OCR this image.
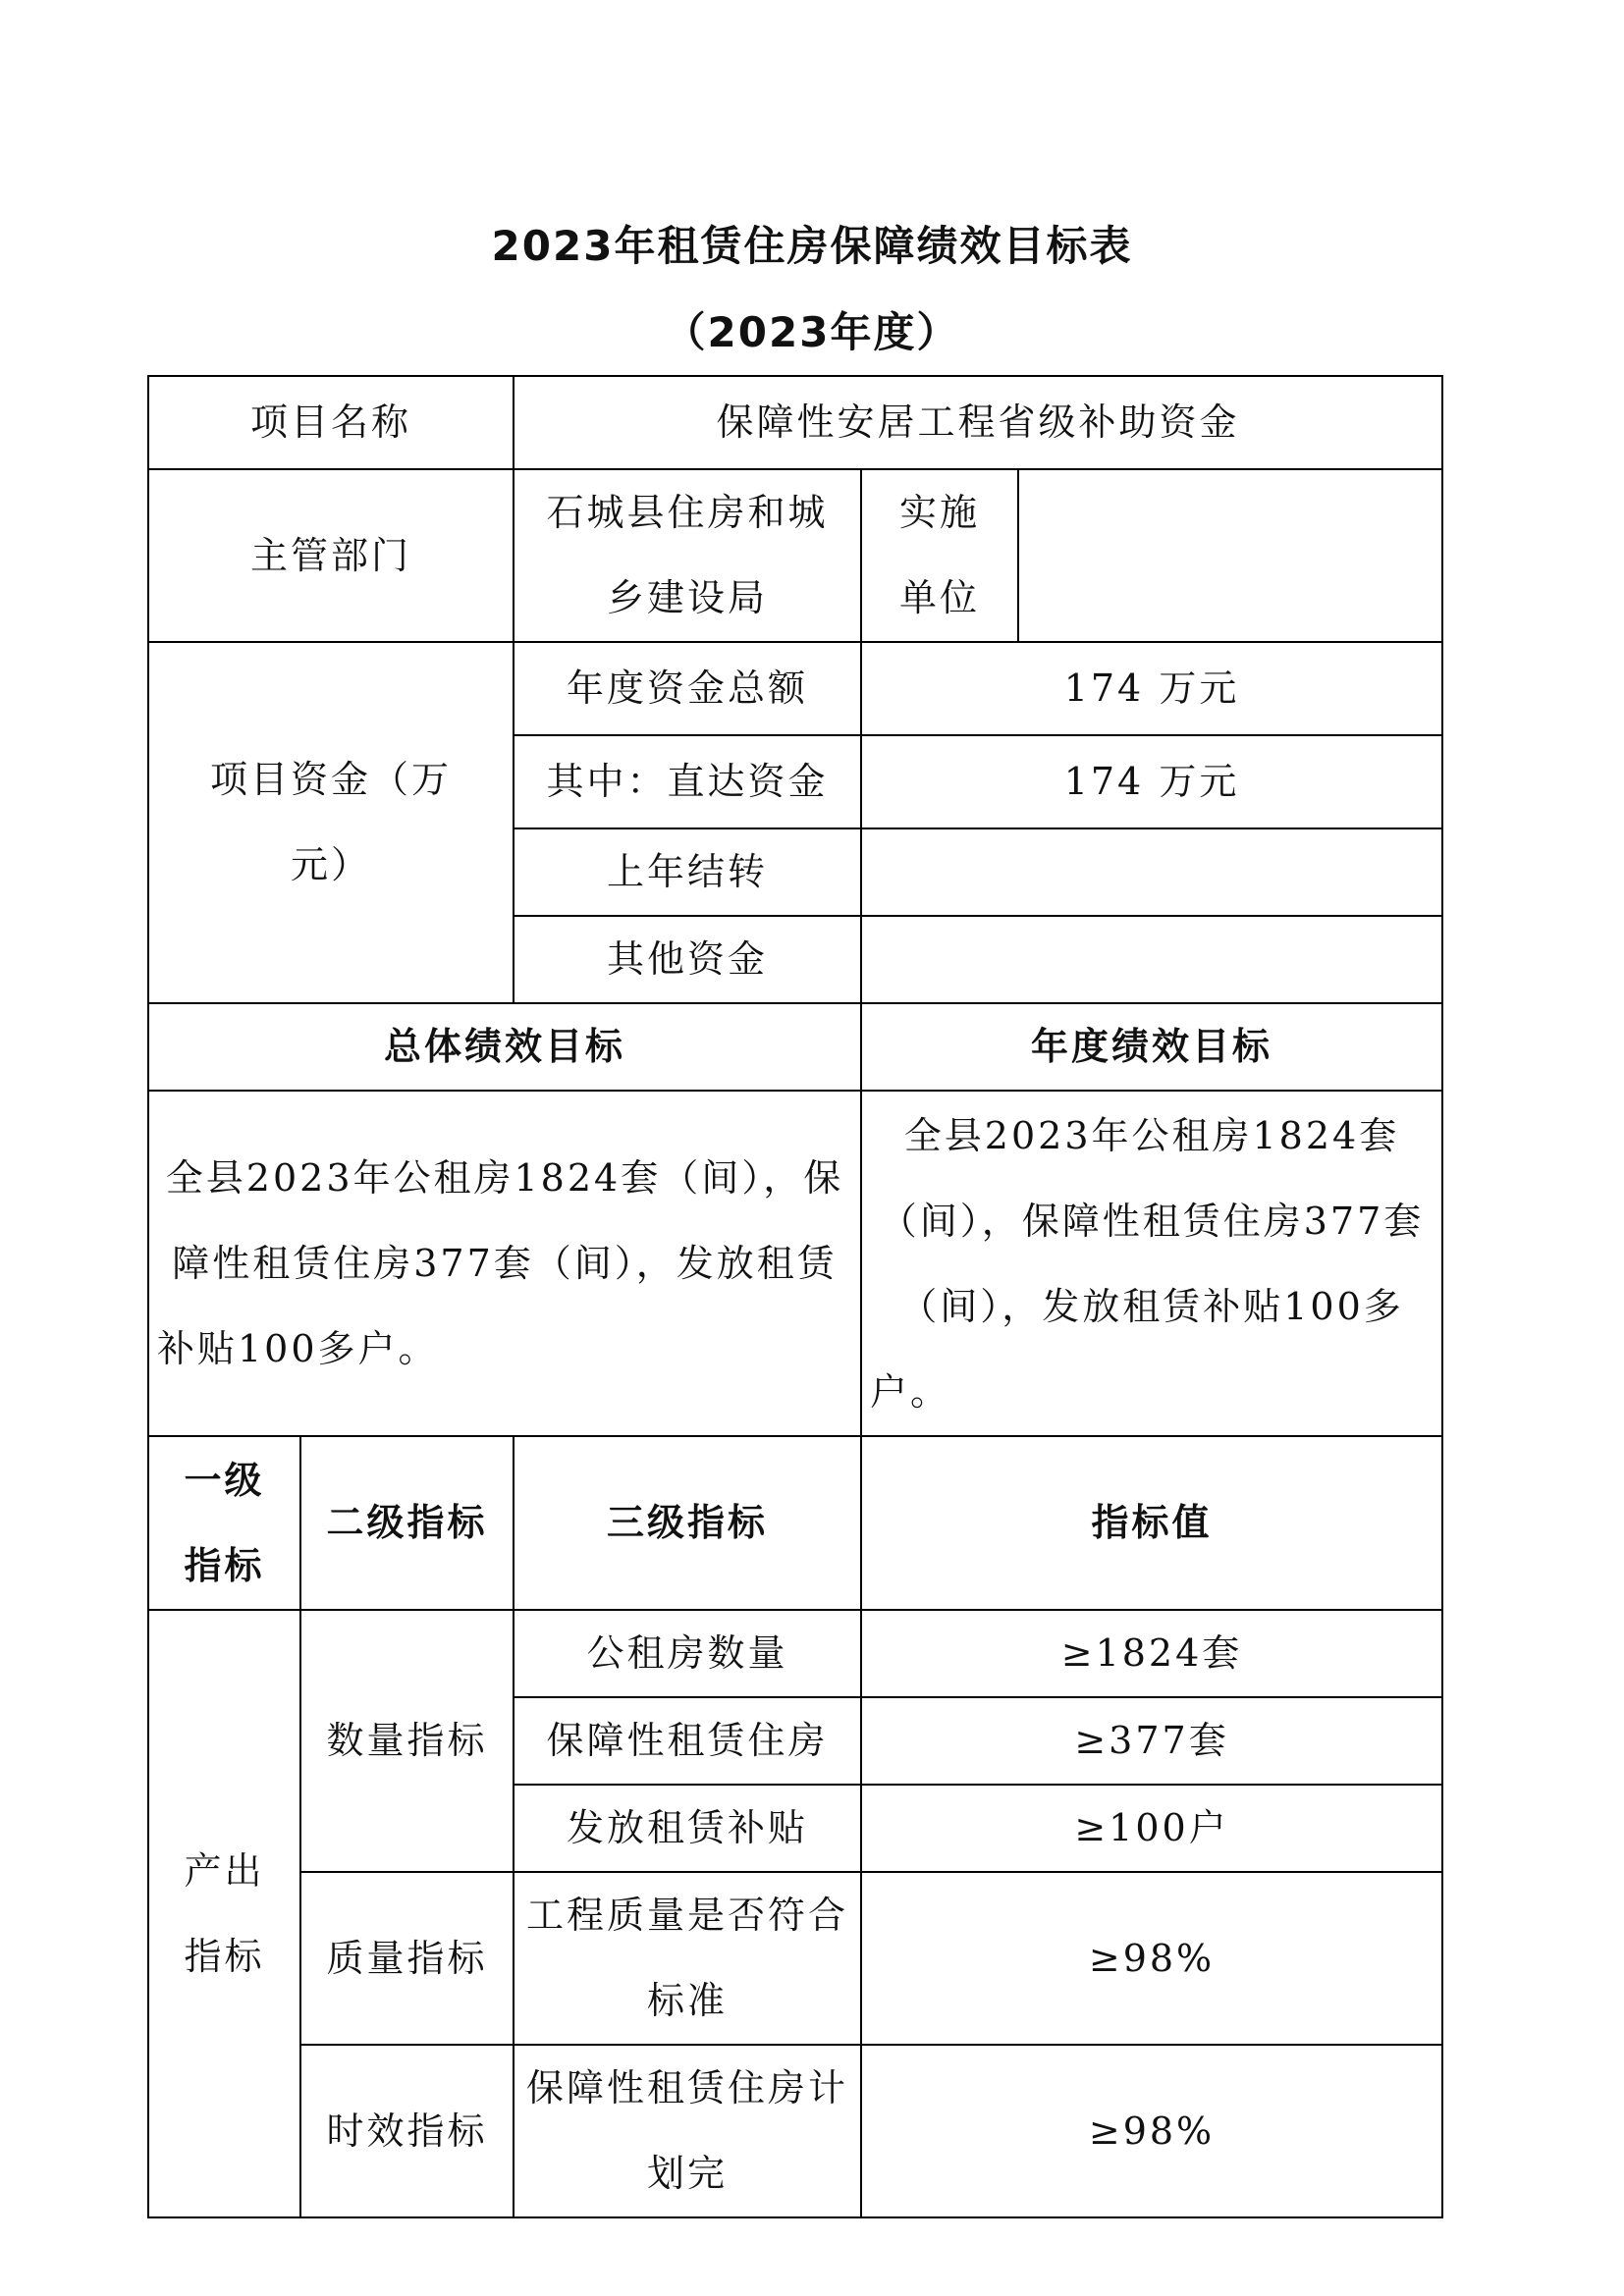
2023年租赁住房保障绩效目标表
（2023年度）
项目名称		保障性安居工程省级补助资金		
主管部门		石城县住房和城乡建设局	实施单位	
项目资金（万元）		年度资金总额	174 万元	
		其中：直达资金	174 万元	
		上年结转		
		其他资金		
总体绩效目标			年度绩效目标	
全县2023年公租房1824套（间），保障性租赁住房377套（间），发放租赁补贴100多户。			全县2023年公租房1824套（间），保障性租赁住房377套（间），发放租赁补贴100多户。	
一级指标	二级指标	三级指标	指标值	
产出指标	数量指标	公租房数量	≥1824套	
		保障性租赁住房	≥377套	
		发放租赁补贴	≥100户	
	质量指标	工程质量是否符合标准	≥98%	
	时效指标	保障性租赁住房计划完	≥98%	
